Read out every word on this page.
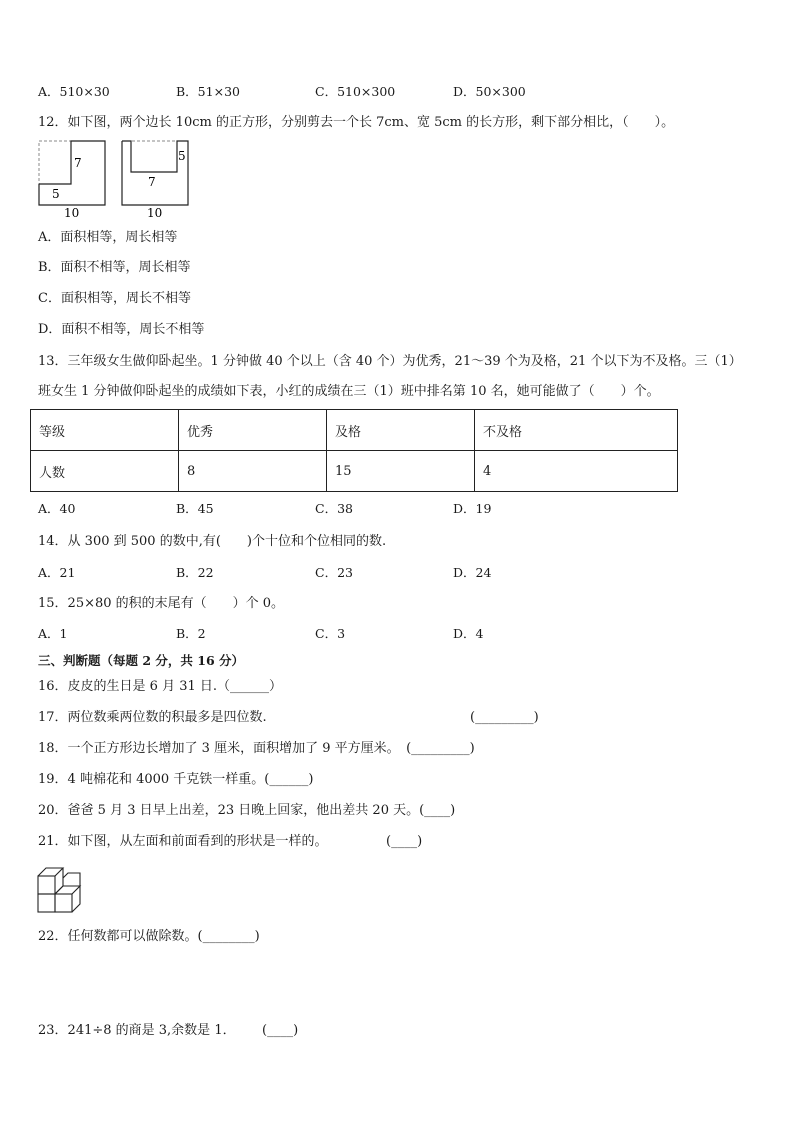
A．510×30	B．51×30	C．510×300	D．50×300
12．如下图，两个边长 10cm 的正方形，分别剪去一个长 7cm、宽 5cm 的长方形，剩下部分相比，（　　）。
7
5
10
5
7
10
A．面积相等，周长相等
B．面积不相等，周长相等
C．面积相等，周长不相等
D．面积不相等，周长不相等
13．三年级女生做仰卧起坐。1 分钟做 40 个以上（含 40 个）为优秀，21～39 个为及格，21 个以下为不及格。三（1）
班女生 1 分钟做仰卧起坐的成绩如下表，小红的成绩在三（1）班中排名第 10 名，她可能做了（　　）个。
等级	优秀	及格	不及格
人数	8	15	4
A．40	B．45	C．38	D．19
14．从 300 到 500 的数中,有(　　)个十位和个位相同的数.
A．21	B．22	C．23	D．24
15．25×80 的积的末尾有（　　）个 0。
A．1	B．2	C．3	D．4
三、判断题（每题 2 分，共 16 分）
16．皮皮的生日是 6 月 31 日.（______）
17．两位数乘两位数的积最多是四位数.	(_________)
18．一个正方形边长增加了 3 厘米，面积增加了 9 平方厘米。　(_________)
19．4 吨棉花和 4000 千克铁一样重。(______)
20．爸爸 5 月 3 日早上出差，23 日晚上回家，他出差共 20 天。(____)
21．如下图，从左面和前面看到的形状是一样的。	(____)
22．任何数都可以做除数。(________)
23．241÷8 的商是 3,余数是 1． (____)
